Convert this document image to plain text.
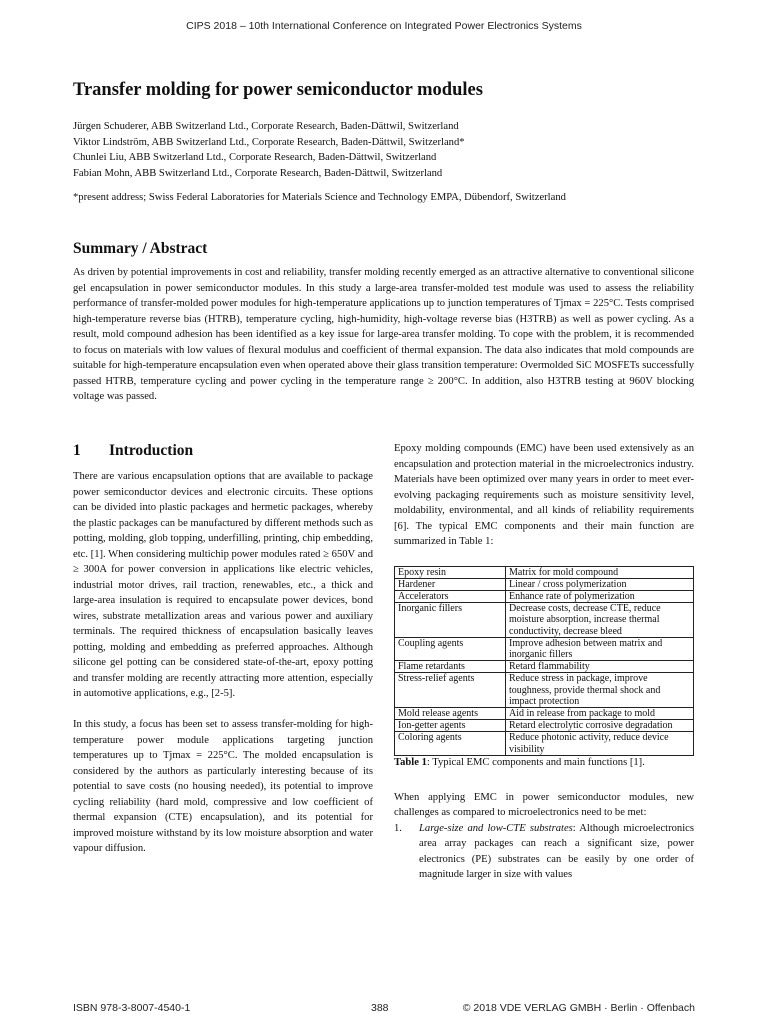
CIPS 2018 – 10th International Conference on Integrated Power Electronics Systems
Transfer molding for power semiconductor modules
Jürgen Schuderer, ABB Switzerland Ltd., Corporate Research, Baden-Dättwil, Switzerland
Viktor Lindström, ABB Switzerland Ltd., Corporate Research, Baden-Dättwil, Switzerland*
Chunlei Liu, ABB Switzerland Ltd., Corporate Research, Baden-Dättwil, Switzerland
Fabian Mohn, ABB Switzerland Ltd., Corporate Research, Baden-Dättwil, Switzerland
*present address; Swiss Federal Laboratories for Materials Science and Technology EMPA, Dübendorf, Switzerland
Summary / Abstract

As driven by potential improvements in cost and reliability, transfer molding recently emerged as an attractive alternative to conventional silicone gel encapsulation in power semiconductor modules. In this study a large-area transfer-molded test module was used to assess the reliability performance of transfer-molded power modules for high-temperature applications up to junction temperatures of Tjmax = 225°C. Tests comprised high-temperature reverse bias (HTRB), temperature cycling, high-humidity, high-voltage reverse bias (H3TRB) as well as power cycling. As a result, mold compound adhesion has been identified as a key issue for large-area transfer molding. To cope with the problem, it is recommended to focus on materials with low values of flexural modulus and coefficient of thermal expansion. The data also indicates that mold compounds are suitable for high-temperature encapsulation even when operated above their glass transition temperature: Overmolded SiC MOSFETs successfully passed HTRB, temperature cycling and power cycling in the temperature range ≥ 200°C. In addition, also H3TRB testing at 960V blocking voltage was passed.

1 Introduction

There are various encapsulation options that are available to package power semiconductor devices and electronic circuits. These options can be divided into plastic packages and hermetic packages, whereby the plastic packages can be manufactured by different methods such as potting, molding, glob topping, underfilling, printing, chip embedding, etc. [1]. When considering multichip power modules rated ≥ 650V and ≥ 300A for power conversion in applications like electric vehicles, industrial motor drives, rail traction, renewables, etc., a thick and large-area insulation is required to encapsulate power devices, bond wires, substrate metallization areas and various power and auxiliary terminals. The required thickness of encapsulation basically leaves potting, molding and embedding as preferred approaches. Although silicone gel potting can be considered state-of-the-art, epoxy potting and transfer molding are recently attracting more attention, especially in automotive applications, e.g., [2-5].

In this study, a focus has been set to assess transfer-molding for high-temperature power module applications targeting junction temperatures up to Tjmax = 225°C. The molded encapsulation is considered by the authors as particularly interesting because of its potential to save costs (no housing needed), its potential to improve cycling reliability (hard mold, compressive and low coefficient of thermal expansion (CTE) encapsulation), and its potential for improved moisture withstand by its low moisture absorption and water vapour diffusion.

Epoxy molding compounds (EMC) have been used extensively as an encapsulation and protection material in the microelectronics industry. Materials have been optimized over many years in order to meet ever-evolving packaging requirements such as moisture sensitivity level, moldability, environmental, and all kinds of reliability requirements [6]. The typical EMC components and their main function are summarized in Table 1:

Epoxy resin	Matrix for mold compound
Hardener	Linear / cross polymerization
Accelerators	Enhance rate of polymerization
Inorganic fillers	Decrease costs, decrease CTE, reduce moisture absorption, increase thermal conductivity, decrease bleed
Coupling agents	Improve adhesion between matrix and inorganic fillers
Flame retardants	Retard flammability
Stress-relief agents	Reduce stress in package, improve toughness, provide thermal shock and impact protection
Mold release agents	Aid in release from package to mold
Ion-getter agents	Retard electrolytic corrosive degradation
Coloring agents	Reduce photonic activity, reduce device visibility
Table 1: Typical EMC components and main functions [1].

When applying EMC in power semiconductor modules, new challenges as compared to microelectronics need to be met:

1.	Large-size and low-CTE substrates: Although microelectronics area array packages can reach a significant size, power electronics (PE) substrates can be easily by one order of magnitude larger in size with values
ISBN 978-3-8007-4540-1	388	© 2018 VDE VERLAG GMBH · Berlin · Offenbach
